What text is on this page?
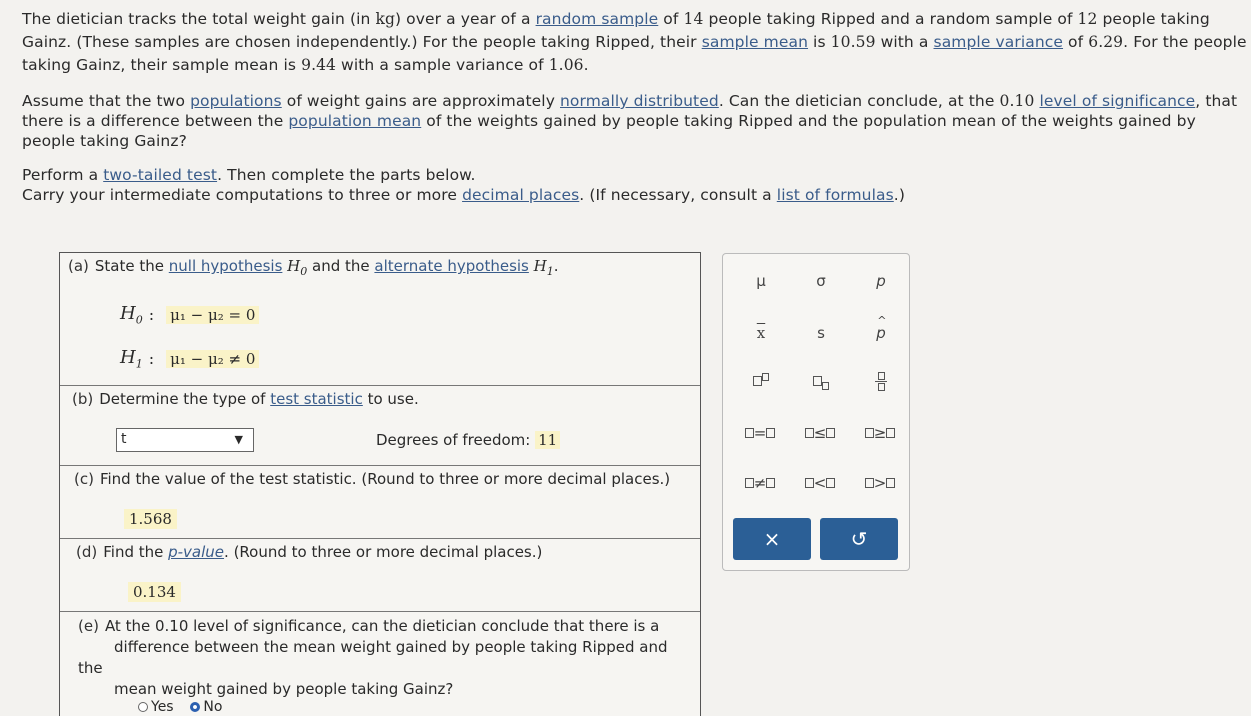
The dietician tracks the total weight gain (in kg) over a year of a random sample of 14 people taking Ripped and a random sample of 12 people taking Gainz. (These samples are chosen independently.) For the people taking Ripped, their sample mean is 10.59 with a sample variance of 6.29. For the people taking Gainz, their sample mean is 9.44 with a sample variance of 1.06.

Assume that the two populations of weight gains are approximately normally distributed. Can the dietician conclude, at the 0.10 level of significance, that there is a difference between the population mean of the weights gained by people taking Ripped and the population mean of the weights gained by people taking Gainz?

Perform a two-tailed test. Then complete the parts below.
Carry your intermediate computations to three or more decimal places. (If necessary, consult a list of formulas.)

(a) State the null hypothesis $H_0$ and the alternate hypothesis $H_1$.
$H_0$ : μ₁ − μ₂ = 0
$H_1$ : μ₁ − μ₂ ≠ 0
(b) Determine the type of test statistic to use.
t	▼	Degrees of freedom: 11
(c) Find the value of the test statistic. (Round to three or more decimal places.)
1.568
(d) Find the p-value. (Round to three or more decimal places.)
0.134
(e) At the 0.10 level of significance, can the dietician conclude that there is a
difference between the mean weight gained by people taking Ripped and the
mean weight gained by people taking Gainz?
Yes
No
μ	σ	p
$\overline{x}$	s
^
p
=	≤	≥
≠	<	>
×	↺
